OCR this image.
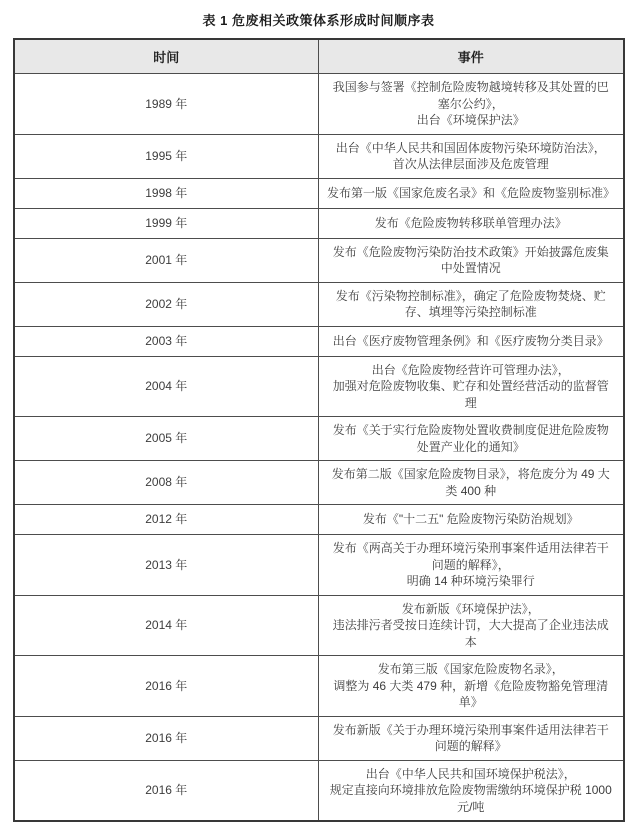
表 1 危废相关政策体系形成时间顺序表
时间	事件
1989 年	我国参与签署《控制危险废物越境转移及其处置的巴塞尔公约》，
出台《环境保护法》

1995 年	出台《中华人民共和国固体废物污染环境防治法》，
首次从法律层面涉及危废管理

1998 年	发布第一版《国家危废名录》和《危险废物鉴别标准》

1999 年	发布《危险废物转移联单管理办法》

2001 年	发布《危险废物污染防治技术政策》开始披露危废集中处置情况

2002 年	发布《污染物控制标准》，确定了危险废物焚烧、贮存、填埋等污染控制标准

2003 年	出台《医疗废物管理条例》和《医疗废物分类目录》

2004 年	出台《危险废物经营许可管理办法》，
加强对危险废物收集、贮存和处置经营活动的监督管理

2005 年	发布《关于实行危险废物处置收费制度促进危险废物处置产业化的通知》

2008 年	发布第二版《国家危险废物目录》，将危废分为 49 大类 400 种

2012 年	发布《"十二五" 危险废物污染防治规划》

2013 年	发布《两高关于办理环境污染刑事案件适用法律若干问题的解释》，
明确 14 种环境污染罪行

2014 年	发布新版《环境保护法》，
违法排污者受按日连续计罚，大大提高了企业违法成本

2016 年	发布第三版《国家危险废物名录》，
调整为 46 大类 479 种，新增《危险废物豁免管理清单》

2016 年	发布新版《关于办理环境污染刑事案件适用法律若干问题的解释》

2016 年	出台《中华人民共和国环境保护税法》，
规定直接向环境排放危险废物需缴纳环境保护税 1000 元/吨
